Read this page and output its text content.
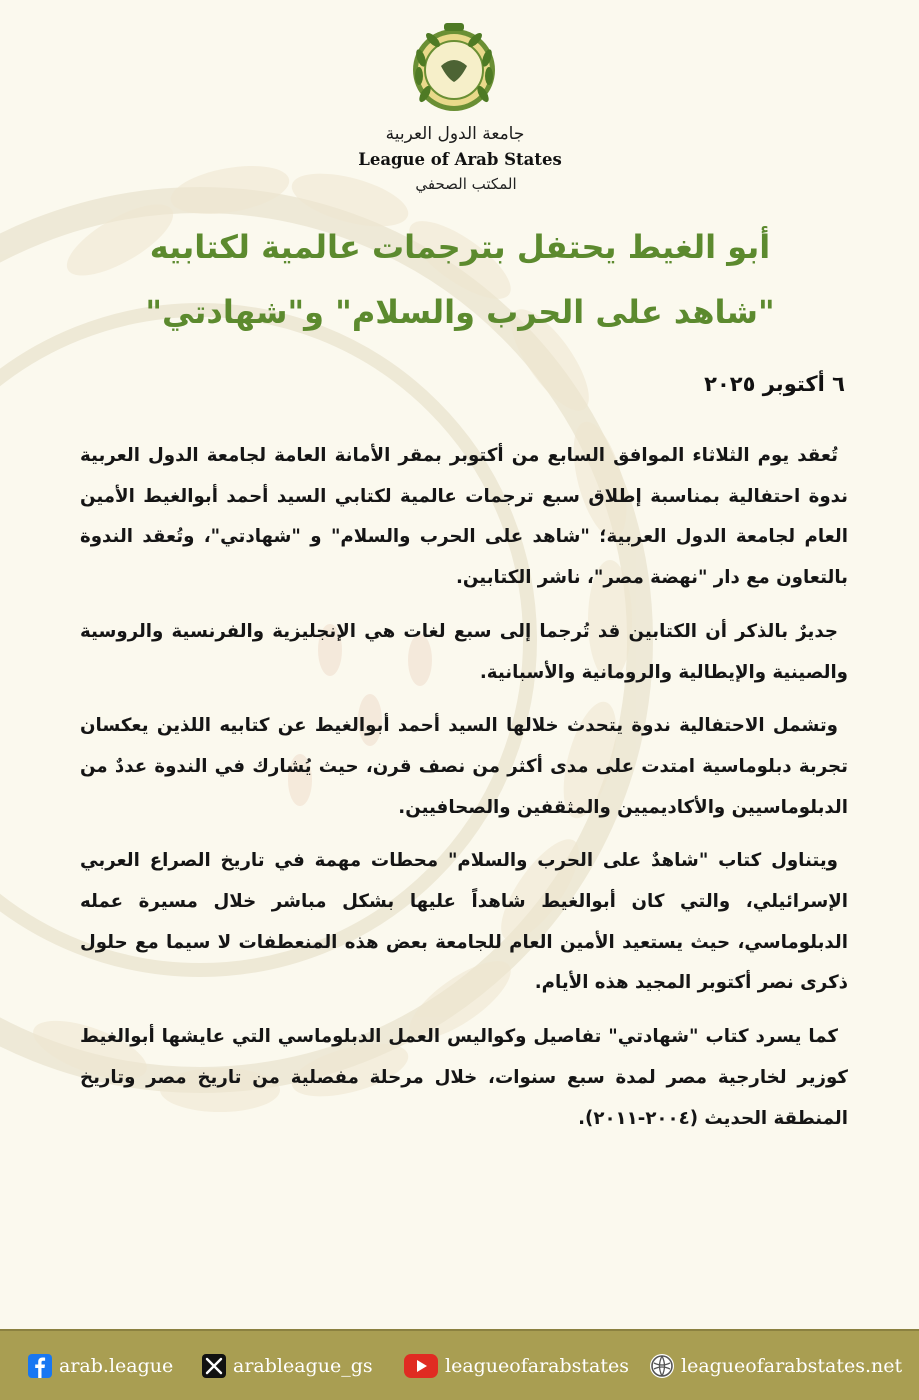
جامعة الدول العربية
League of Arab States
المكتب الصحفي
أبو الغيط يحتفل بترجمات عالمية لكتابيه
"شاهد على الحرب والسلام" و"شهادتي"
٦ أكتوبر ٢٠٢٥

تُعقد يوم الثلاثاء الموافق السابع من أكتوبر بمقر الأمانة العامة لجامعة الدول العربية ندوة احتفالية بمناسبة إطلاق سبع ترجمات عالمية لكتابي السيد أحمد أبوالغيط الأمين العام لجامعة الدول العربية؛ "شاهد على الحرب والسلام" و "شهادتي"، وتُعقد الندوة بالتعاون مع دار "نهضة مصر"، ناشر الكتابين.

جديرٌ بالذكر أن الكتابين قد تُرجما إلى سبع لغات هي الإنجليزية والفرنسية والروسية والصينية والإيطالية والرومانية والأسبانية.

وتشمل الاحتفالية ندوة يتحدث خلالها السيد أحمد أبوالغيط عن كتابيه اللذين يعكسان تجربة دبلوماسية امتدت على مدى أكثر من نصف قرن، حيث يُشارك في الندوة عددٌ من الدبلوماسيين والأكاديميين والمثقفين والصحافيين.

ويتناول كتاب "شاهدٌ على الحرب والسلام" محطات مهمة في تاريخ الصراع العربي الإسرائيلي، والتي كان أبوالغيط شاهداً عليها بشكل مباشر خلال مسيرة عمله الدبلوماسي، حيث يستعيد الأمين العام للجامعة بعض هذه المنعطفات لا سيما مع حلول ذكرى نصر أكتوبر المجيد هذه الأيام.

كما يسرد كتاب "شهادتي" تفاصيل وكواليس العمل الدبلوماسي التي عايشها أبوالغيط كوزير لخارجية مصر لمدة سبع سنوات، خلال مرحلة مفصلية من تاريخ مصر وتاريخ المنطقة الحديث (٢٠٠٤-٢٠١١).

arab.league	arableague_gs	leagueofarabstates	leagueofarabstates.net
